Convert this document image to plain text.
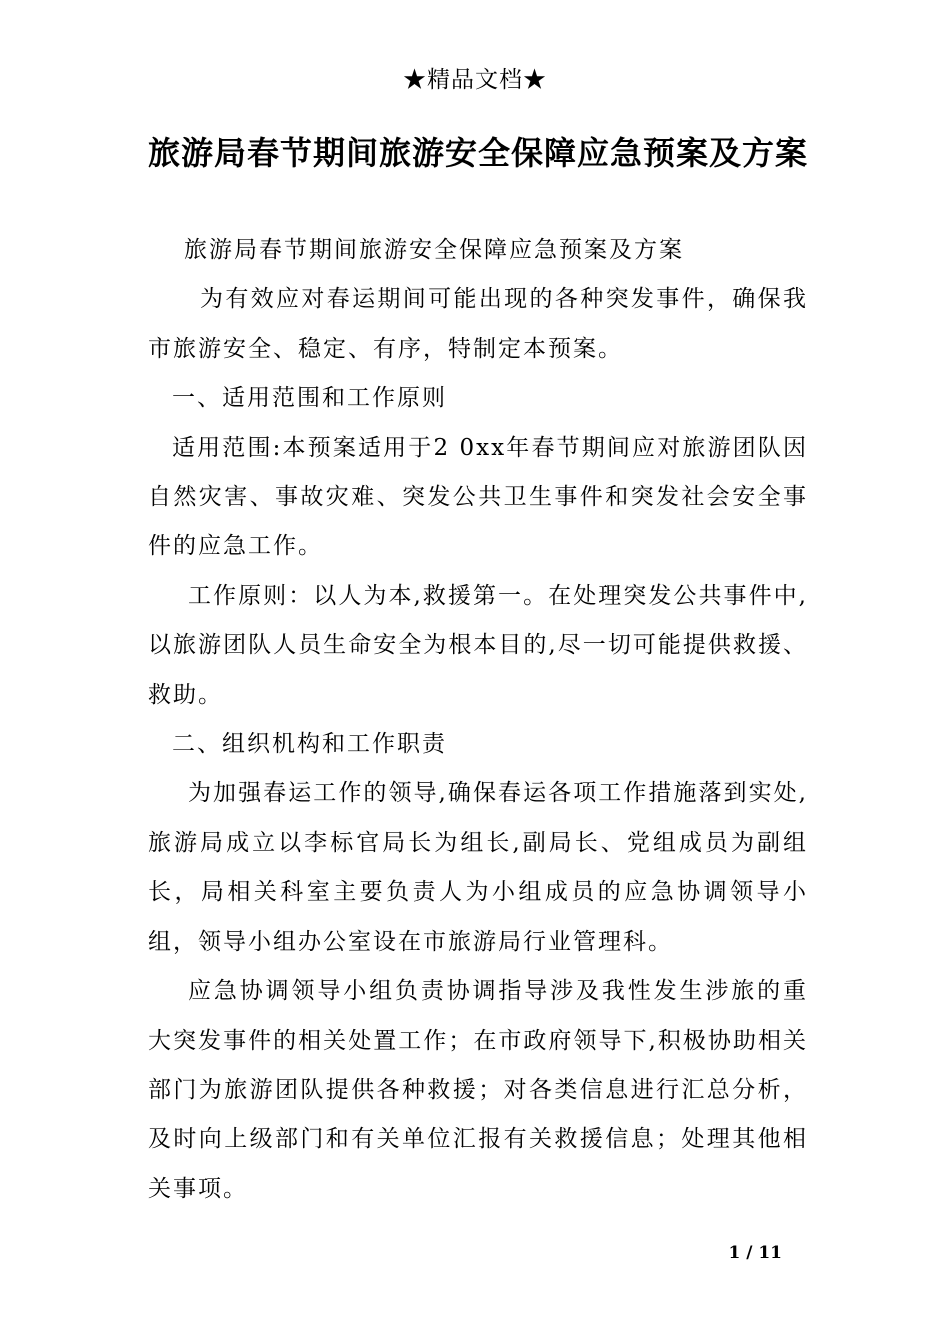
★精品文档★
旅游局春节期间旅游安全保障应急预案及方案

旅游局春节期间旅游安全保障应急预案及方案

为有效应对春运期间可能出现的各种突发事件，确保我市旅游安全、稳定、有序，特制定本预案。

一、适用范围和工作原则

适用范围:本预案适用于2 0xx年春节期间应对旅游团队因自然灾害、事故灾难、突发公共卫生事件和突发社会安全事件的应急工作。

工作原则：以人为本,救援第一。在处理突发公共事件中,以旅游团队人员生命安全为根本目的,尽一切可能提供救援、救助。

二、组织机构和工作职责

为加强春运工作的领导,确保春运各项工作措施落到实处,旅游局成立以李标官局长为组长,副局长、党组成员为副组长，局相关科室主要负责人为小组成员的应急协调领导小组，领导小组办公室设在市旅游局行业管理科。

应急协调领导小组负责协调指导涉及我性发生涉旅的重大突发事件的相关处置工作；在市政府领导下,积极协助相关部门为旅游团队提供各种救援；对各类信息进行汇总分析，及时向上级部门和有关单位汇报有关救援信息；处理其他相关事项。

1 / 11
